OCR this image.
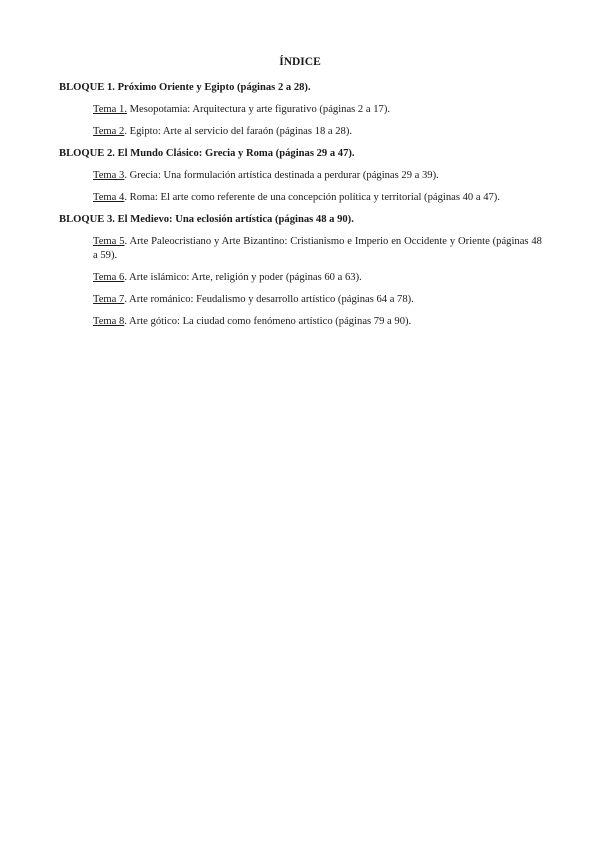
ÍNDICE
BLOQUE 1. Próximo Oriente y Egipto (páginas 2 a 28).
Tema 1. Mesopotamia: Arquitectura y arte figurativo (páginas 2 a 17).
Tema 2. Egipto: Arte al servicio del faraón (páginas 18 a 28).
BLOQUE 2. El Mundo Clásico: Grecia y Roma (páginas 29 a 47).
Tema 3. Grecia: Una formulación artística destinada a perdurar (páginas 29 a 39).
Tema 4. Roma: El arte como referente de una concepción política y territorial (páginas 40 a 47).
BLOQUE 3. El Medievo: Una eclosión artística (páginas 48 a 90).
Tema 5. Arte Paleocristiano y Arte Bizantino: Cristianismo e Imperio en Occidente y Oriente (páginas 48 a 59).
Tema 6. Arte islámico: Arte, religión y poder (páginas 60 a 63).
Tema 7. Arte románico: Feudalismo y desarrollo artístico (páginas 64 a 78).
Tema 8. Arte gótico: La ciudad como fenómeno artístico (páginas 79 a 90).
